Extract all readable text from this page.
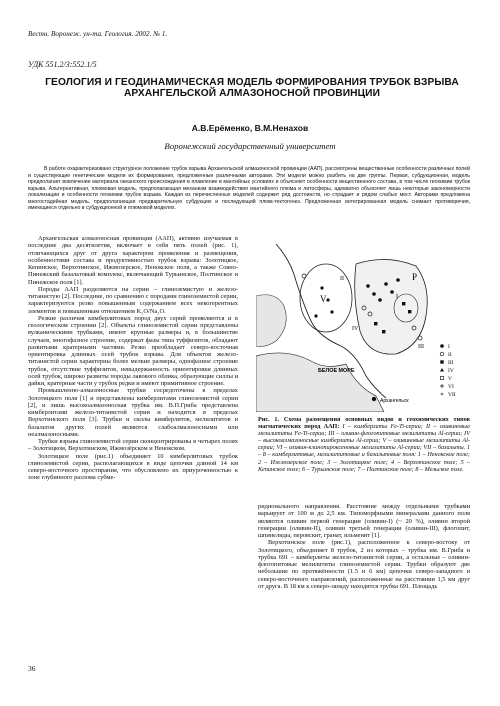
Вестн. Воронеж. ун-та. Геология. 2002. № 1.
УДК 551.2/3:552.1/5
ГЕОЛОГИЯ И ГЕОДИНАМИЧЕСКАЯ МОДЕЛЬ ФОРМИРОВАНИЯ ТРУБОК ВЗРЫВА АРХАНГЕЛЬСКОЙ АЛМАЗОНОСНОЙ ПРОВИНЦИИ
А.В.Ерёменко, В.М.Ненахов
Воронежский государственный университет
В работе охарактеризовано структурное положение трубок взрыва Архангельской алмазоносной провинции (ААП), рассмотрены вещественные особенности различных полей и существующие генетические модели их формирования, предложенные различными авторами. Эти модели можно разбить на две группы. Первая, субдукционная, модель предполагает вовлечение материала океанского происхождения в плавление в мантийных условиях и объясняет особенности вещественного состава, в том числе геохимии трубок взрыва. Альтернативная, плюмовая модель, предполагающая механизм взаимодействия мантийного плюма и литосферы, адекватно объясняет лишь некоторые закономерности локализации и особенности геохимии трубок взрыва. Каждая из перечисленных моделей содержит ряд достоинств, но страдает и рядом слабых мест. Авторами предложена многостадийная модель, предполагающая предварительную субдукцию и последующий плюм-тектогенез. Предложенная интегрированная модель снимает противоречия, имеющиеся отдельно в субдукционной и плюмовой моделях.

Архангельская алмазоносная провинция (ААП), активно изучаемая в последние два десятилетия, включает в себя пять полей (рис. 1), отличающихся друг от друга характером проявления и размещения, особенностями состава и продуктивностью трубок взрыва: Золотицкое, Кепинское, Верхотинское, Ижмозерское, Ненокское поля, а также Сояно-Пинежский базальтовый комплекс, включающий Турьинское, Полтинское и Пинежское поля [1].

Породы ААП разделяются на серии – глиноземистую и железо-титанистую [2]. Последние, по сравнению с породами глиноземистой серии, характеризуются резко повышенным содержанием всех некогерентных элементов и повышенным отношением K₂O/Na₂O.

Резкие различия кимберлитовых пород двух серий проявляются и в геологическом строении [2]. Объекты глиноземистой серии представлены вулканическими трубками, имеют крупные размеры и, в большинстве случаев, многофазное строение, содержат фазы типа туффизитов, обладают развитыми кратерными частями. Резко преобладает северо-восточная ориентировка длинных осей трубок взрыва. Для объектов железо-титанистой серии характерны более мелкие размеры, однофазное строение трубок, отсутствие туффизитов, невыдержанность ориентировки длинных осей трубок, широко развиты породы лавового облика, образующие силлы и дайки, кратерные части у трубок редки и имеют примитивное строение.

Промышленно-алмазоносные трубки сосредоточены в пределах Золотицкого поля [1] и представлены кимберлитами глиноземистой серии [2], и лишь высокоалмазоносная трубка им. В.П.Гриба представлена кимберлитами железо-титанистой серии и находится в пределах Верхотинского поля [3]. Трубки и силлы кимберлитов, мелилититов и базальтов других полей являются слабоалмазоносными или неалмазоносными.

Трубки взрыва глиноземистой серии сконцентрированы в четырех полях – Золотицком, Верхотинском, Ижмозёрском и Ненокском.

Золотицкое поле (рис.1) объединяет 10 кимберлитовых трубок глиноземистой серии, располагающихся в виде цепочки длиной 14 км северо-восточного простирания, что обусловлено их приуроченностью к зоне глубинного разлома субме-

БЕЛОЕ МОРЕ
Архангельск
P
V
IV
II
I
III	I
II
III
IV
V
VI
VII
Рис. 1. Схема размещения основных видов и геохимических типов магматических пород ААП: I – кимберлиты Fe-Ti-серии; II – оливиновые мелилититы Fe-Ti-серии; III – оливин-флогопитовые мелилититы Al-серии; IV – высокоалмазоносные кимберлиты Al-серии; V – оливиновые мелилититы Al-серии; VI – оливин-клинопироксеновые мелилититы Al-серии; VII – базальты. 1 – 8 – кимберлитовые, мелилититовые и базальтовые поля: 1 – Ненокское поле; 2 – Ижмозерское поле; 3 – Золотицкое поле; 4 – Верхотинское поле; 5 – Кепинское поле; 6 – Турьинское поле; 7 – Полтинское поле; 8 – Мельское поле.

ридионального направления. Расстояние между отдельными трубками варьирует от 100 м до 2,5 км. Типоморфными минералами данного поля являются оливин первой генерации (оливин-I) (~ 20 %), оливин второй генерации (оливин-II), оливин третьей генерации (оливин-III), флогопит, шпинелиды, перовскит, гранат, ильменит [1].

Верхотинское поле (рис.1), расположенное к северо-востоку от Золотицкого, объединяет 8 трубок, 2 из которых – трубка им. В.Гриба и трубка 691 – кимберлиты железо-титанистой серии, а остальные – оливин-флогопитовые мелилититы глиноземистой серии. Трубки образуют две небольшие по протяжённости (1.5 и 6 км) цепочки северо-западного и северо-восточного направлений, расположенные на расстоянии 1,5 км друг от друга. В 18 км к северо-западу находится трубка 691. Площадь

36
